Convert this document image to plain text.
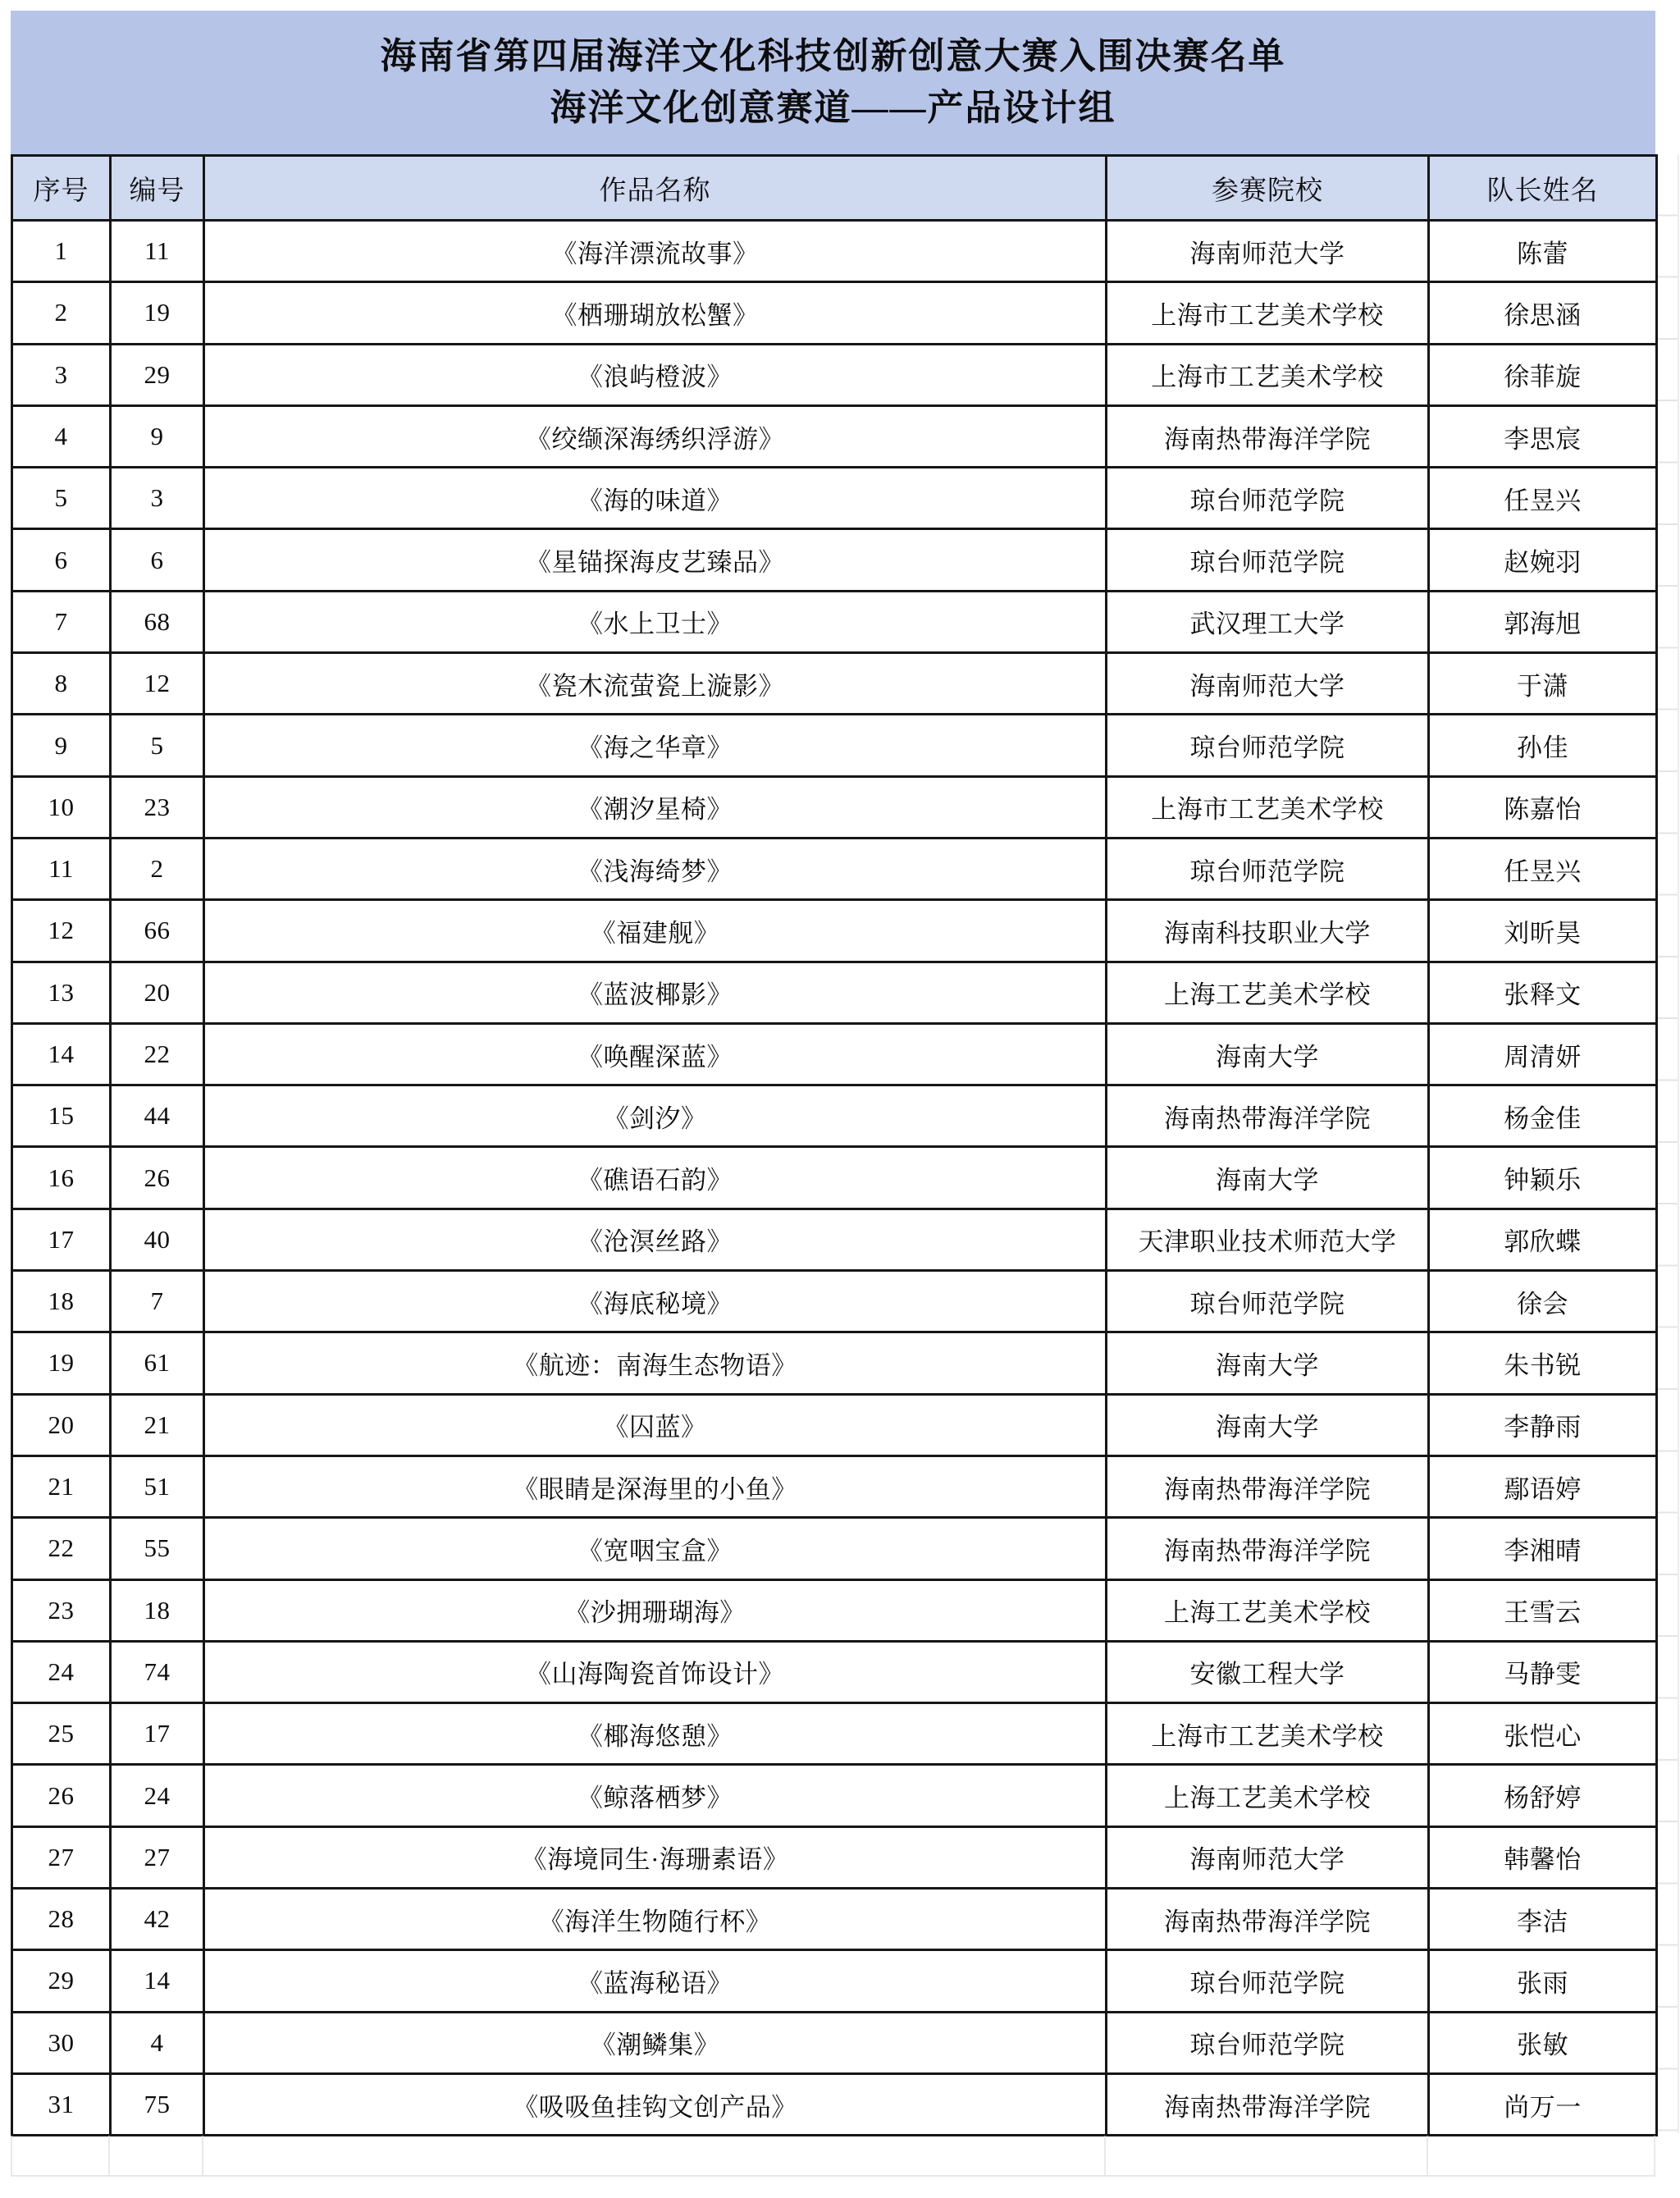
海南省第四届海洋文化科技创新创意大赛入围决赛名单
海洋文化创意赛道——产品设计组
序号	编号	作品名称	参赛院校	队长姓名
1	11	《海洋漂流故事》	海南师范大学	陈蕾
2	19	《栖珊瑚放松蟹》	上海市工艺美术学校	徐思涵
3	29	《浪屿橙波》	上海市工艺美术学校	徐菲旋
4	9	《绞缬深海绣织浮游》	海南热带海洋学院	李思宸
5	3	《海的味道》	琼台师范学院	任昱兴
6	6	《星锚探海皮艺臻品》	琼台师范学院	赵婉羽
7	68	《水上卫士》	武汉理工大学	郭海旭
8	12	《瓷木流萤瓷上漩影》	海南师范大学	于潇
9	5	《海之华章》	琼台师范学院	孙佳
10	23	《潮汐星椅》	上海市工艺美术学校	陈嘉怡
11	2	《浅海绮梦》	琼台师范学院	任昱兴
12	66	《福建舰》	海南科技职业大学	刘昕昊
13	20	《蓝波椰影》	上海工艺美术学校	张释文
14	22	《唤醒深蓝》	海南大学	周清妍
15	44	《剑汐》	海南热带海洋学院	杨金佳
16	26	《礁语石韵》	海南大学	钟颖乐
17	40	《沧溟丝路》	天津职业技术师范大学	郭欣蝶
18	7	《海底秘境》	琼台师范学院	徐会
19	61	《航迹：南海生态物语》	海南大学	朱书锐
20	21	《囚蓝》	海南大学	李静雨
21	51	《眼睛是深海里的小鱼》	海南热带海洋学院	鄢语婷
22	55	《宽咽宝盒》	海南热带海洋学院	李湘晴
23	18	《沙拥珊瑚海》	上海工艺美术学校	王雪云
24	74	《山海陶瓷首饰设计》	安徽工程大学	马静雯
25	17	《椰海悠憩》	上海市工艺美术学校	张恺心
26	24	《鲸落栖梦》	上海工艺美术学校	杨舒婷
27	27	《海境同生·海珊素语》	海南师范大学	韩馨怡
28	42	《海洋生物随行杯》	海南热带海洋学院	李洁
29	14	《蓝海秘语》	琼台师范学院	张雨
30	4	《潮鳞集》	琼台师范学院	张敏
31	75	《吸吸鱼挂钩文创产品》	海南热带海洋学院	尚万一
